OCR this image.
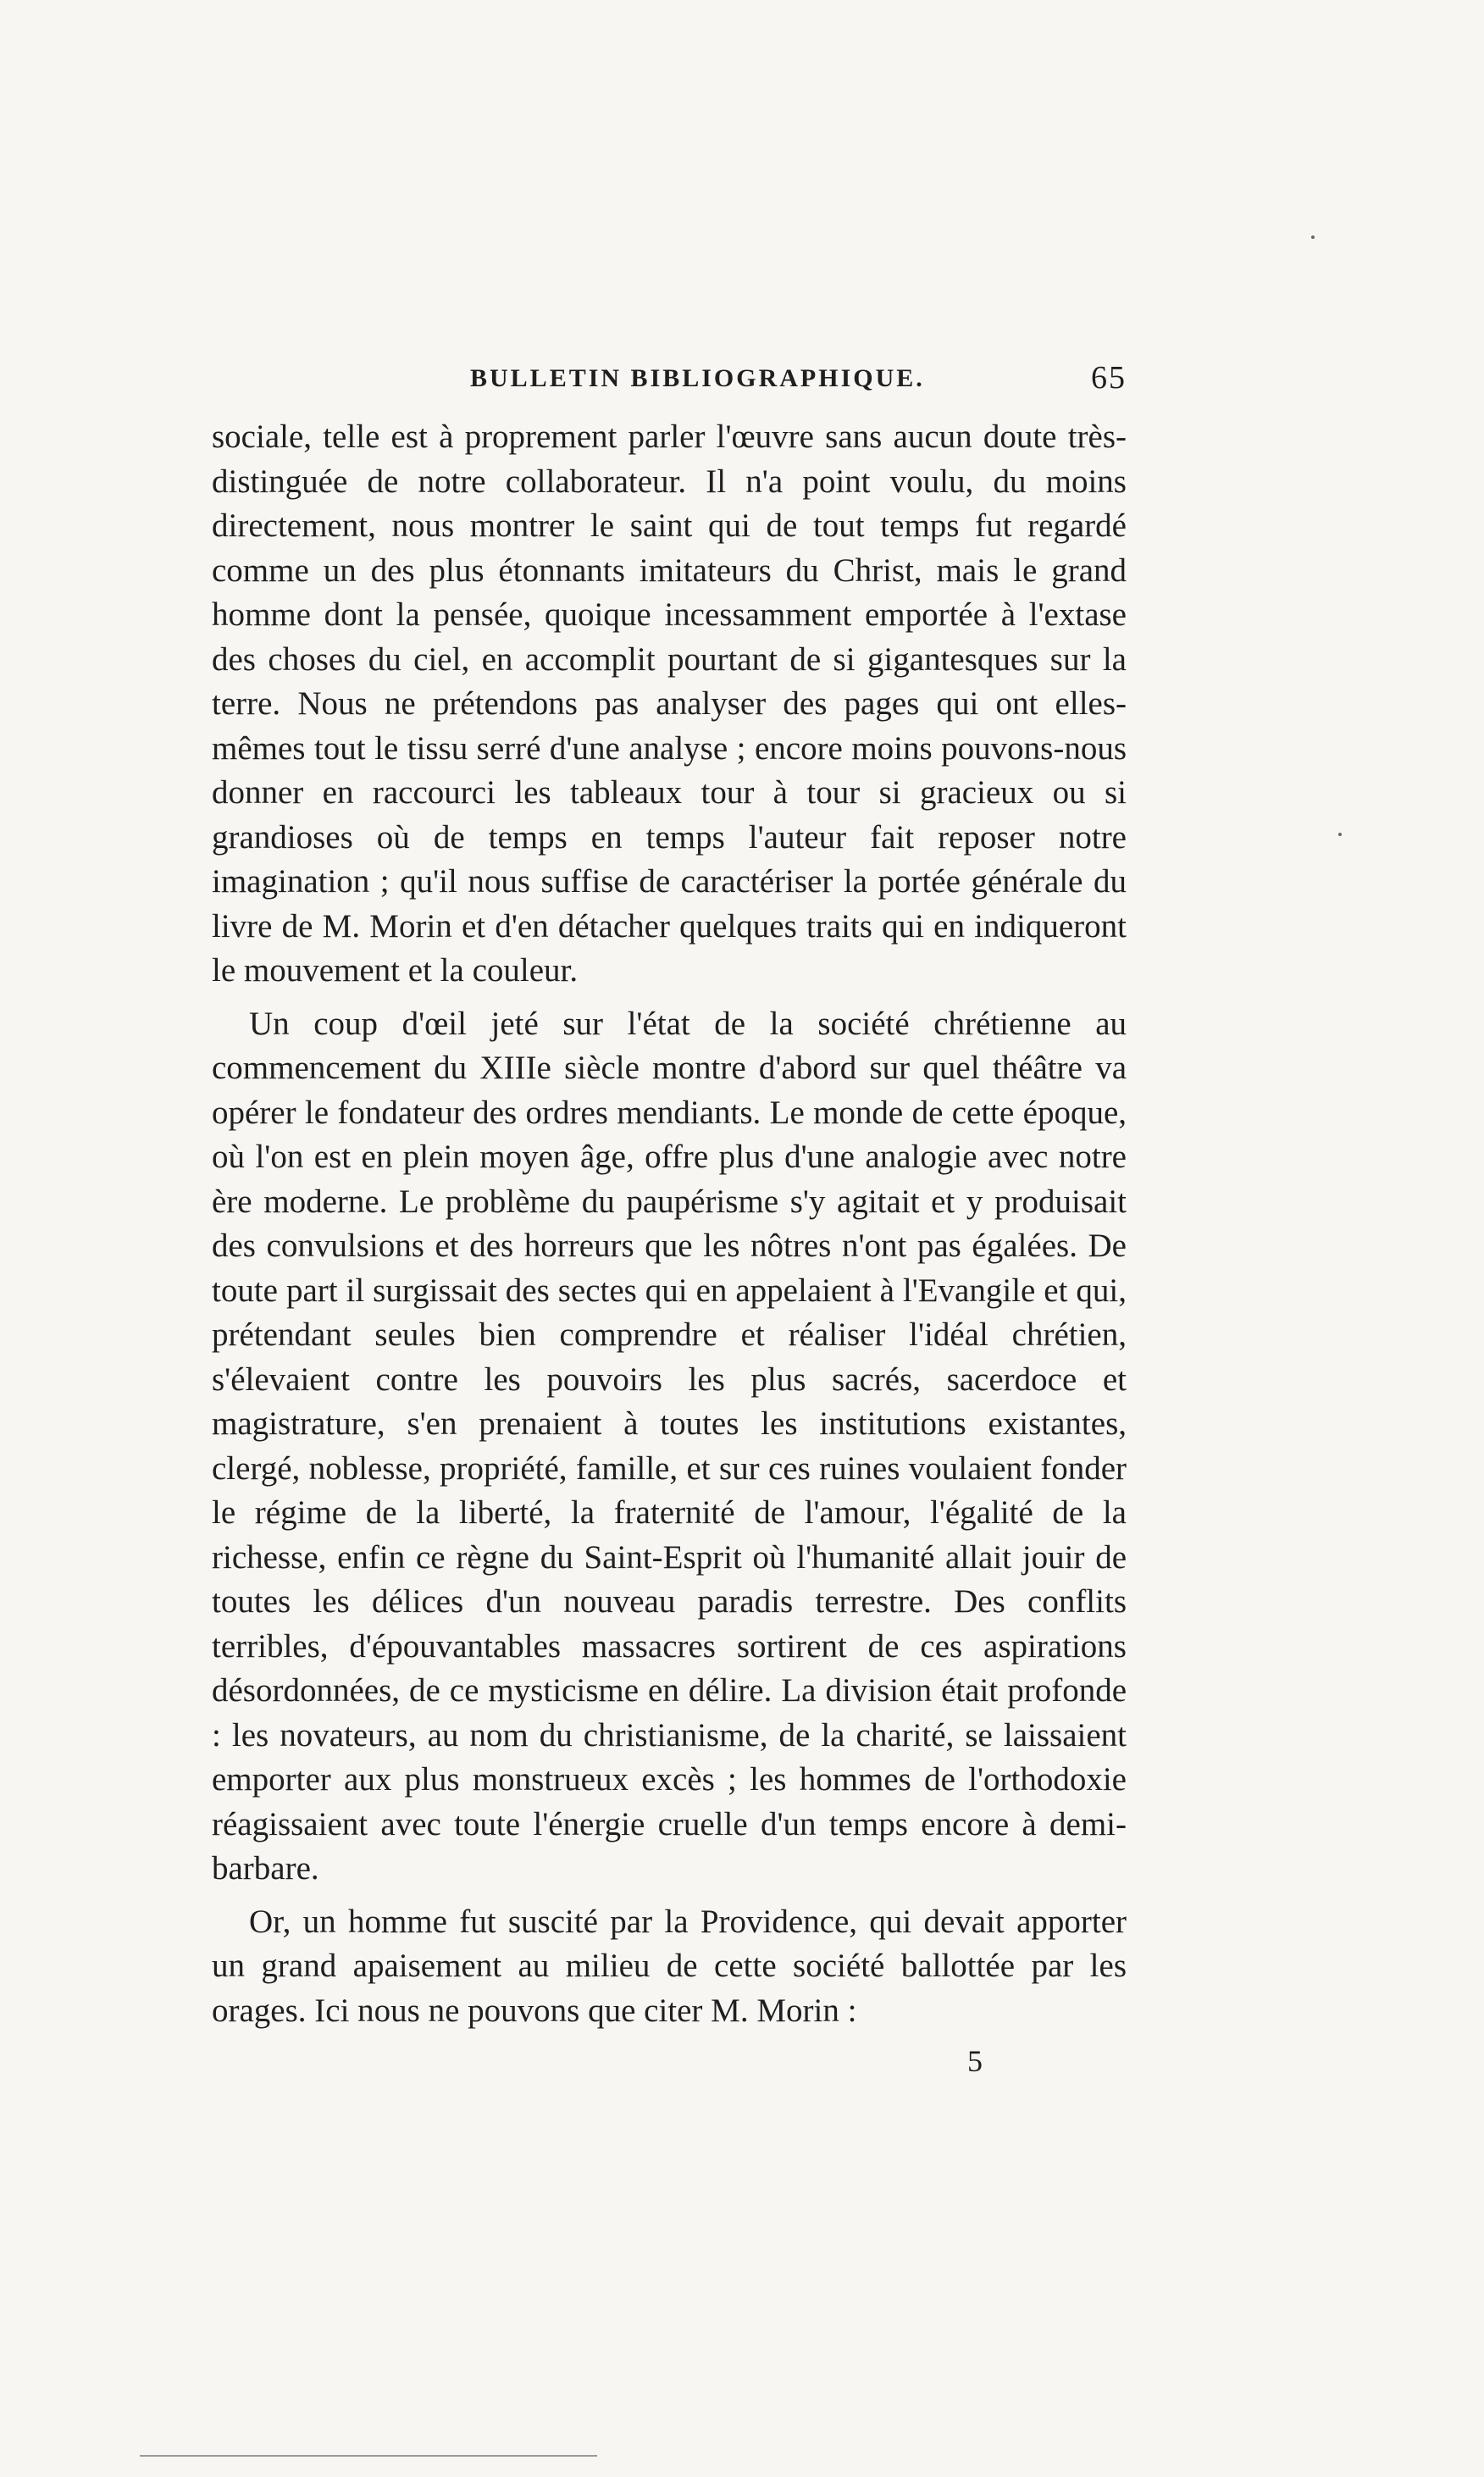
BULLETIN BIBLIOGRAPHIQUE.	65

sociale, telle est à proprement parler l'œuvre sans aucun doute très-distinguée de notre collaborateur. Il n'a point voulu, du moins directement, nous montrer le saint qui de tout temps fut regardé comme un des plus étonnants imitateurs du Christ, mais le grand homme dont la pensée, quoique incessamment emportée à l'extase des choses du ciel, en accomplit pourtant de si gigantesques sur la terre. Nous ne prétendons pas analyser des pages qui ont elles-mêmes tout le tissu serré d'une analyse ; encore moins pouvons-nous donner en raccourci les tableaux tour à tour si gracieux ou si grandioses où de temps en temps l'auteur fait reposer notre imagination ; qu'il nous suffise de caractériser la portée générale du livre de M. Morin et d'en détacher quelques traits qui en indiqueront le mouvement et la couleur.

Un coup d'œil jeté sur l'état de la société chrétienne au commencement du XIIIe siècle montre d'abord sur quel théâtre va opérer le fondateur des ordres mendiants. Le monde de cette époque, où l'on est en plein moyen âge, offre plus d'une analogie avec notre ère moderne. Le problème du paupérisme s'y agitait et y produisait des convulsions et des horreurs que les nôtres n'ont pas égalées. De toute part il surgissait des sectes qui en appelaient à l'Evangile et qui, prétendant seules bien comprendre et réaliser l'idéal chrétien, s'élevaient contre les pouvoirs les plus sacrés, sacerdoce et magistrature, s'en prenaient à toutes les institutions existantes, clergé, noblesse, propriété, famille, et sur ces ruines voulaient fonder le régime de la liberté, la fraternité de l'amour, l'égalité de la richesse, enfin ce règne du Saint-Esprit où l'humanité allait jouir de toutes les délices d'un nouveau paradis terrestre. Des conflits terribles, d'épouvantables massacres sortirent de ces aspirations désordonnées, de ce mysticisme en délire. La division était profonde : les novateurs, au nom du christianisme, de la charité, se laissaient emporter aux plus monstrueux excès ; les hommes de l'orthodoxie réagissaient avec toute l'énergie cruelle d'un temps encore à demi-barbare.

Or, un homme fut suscité par la Providence, qui devait apporter un grand apaisement au milieu de cette société ballottée par les orages. Ici nous ne pouvons que citer M. Morin :

5
